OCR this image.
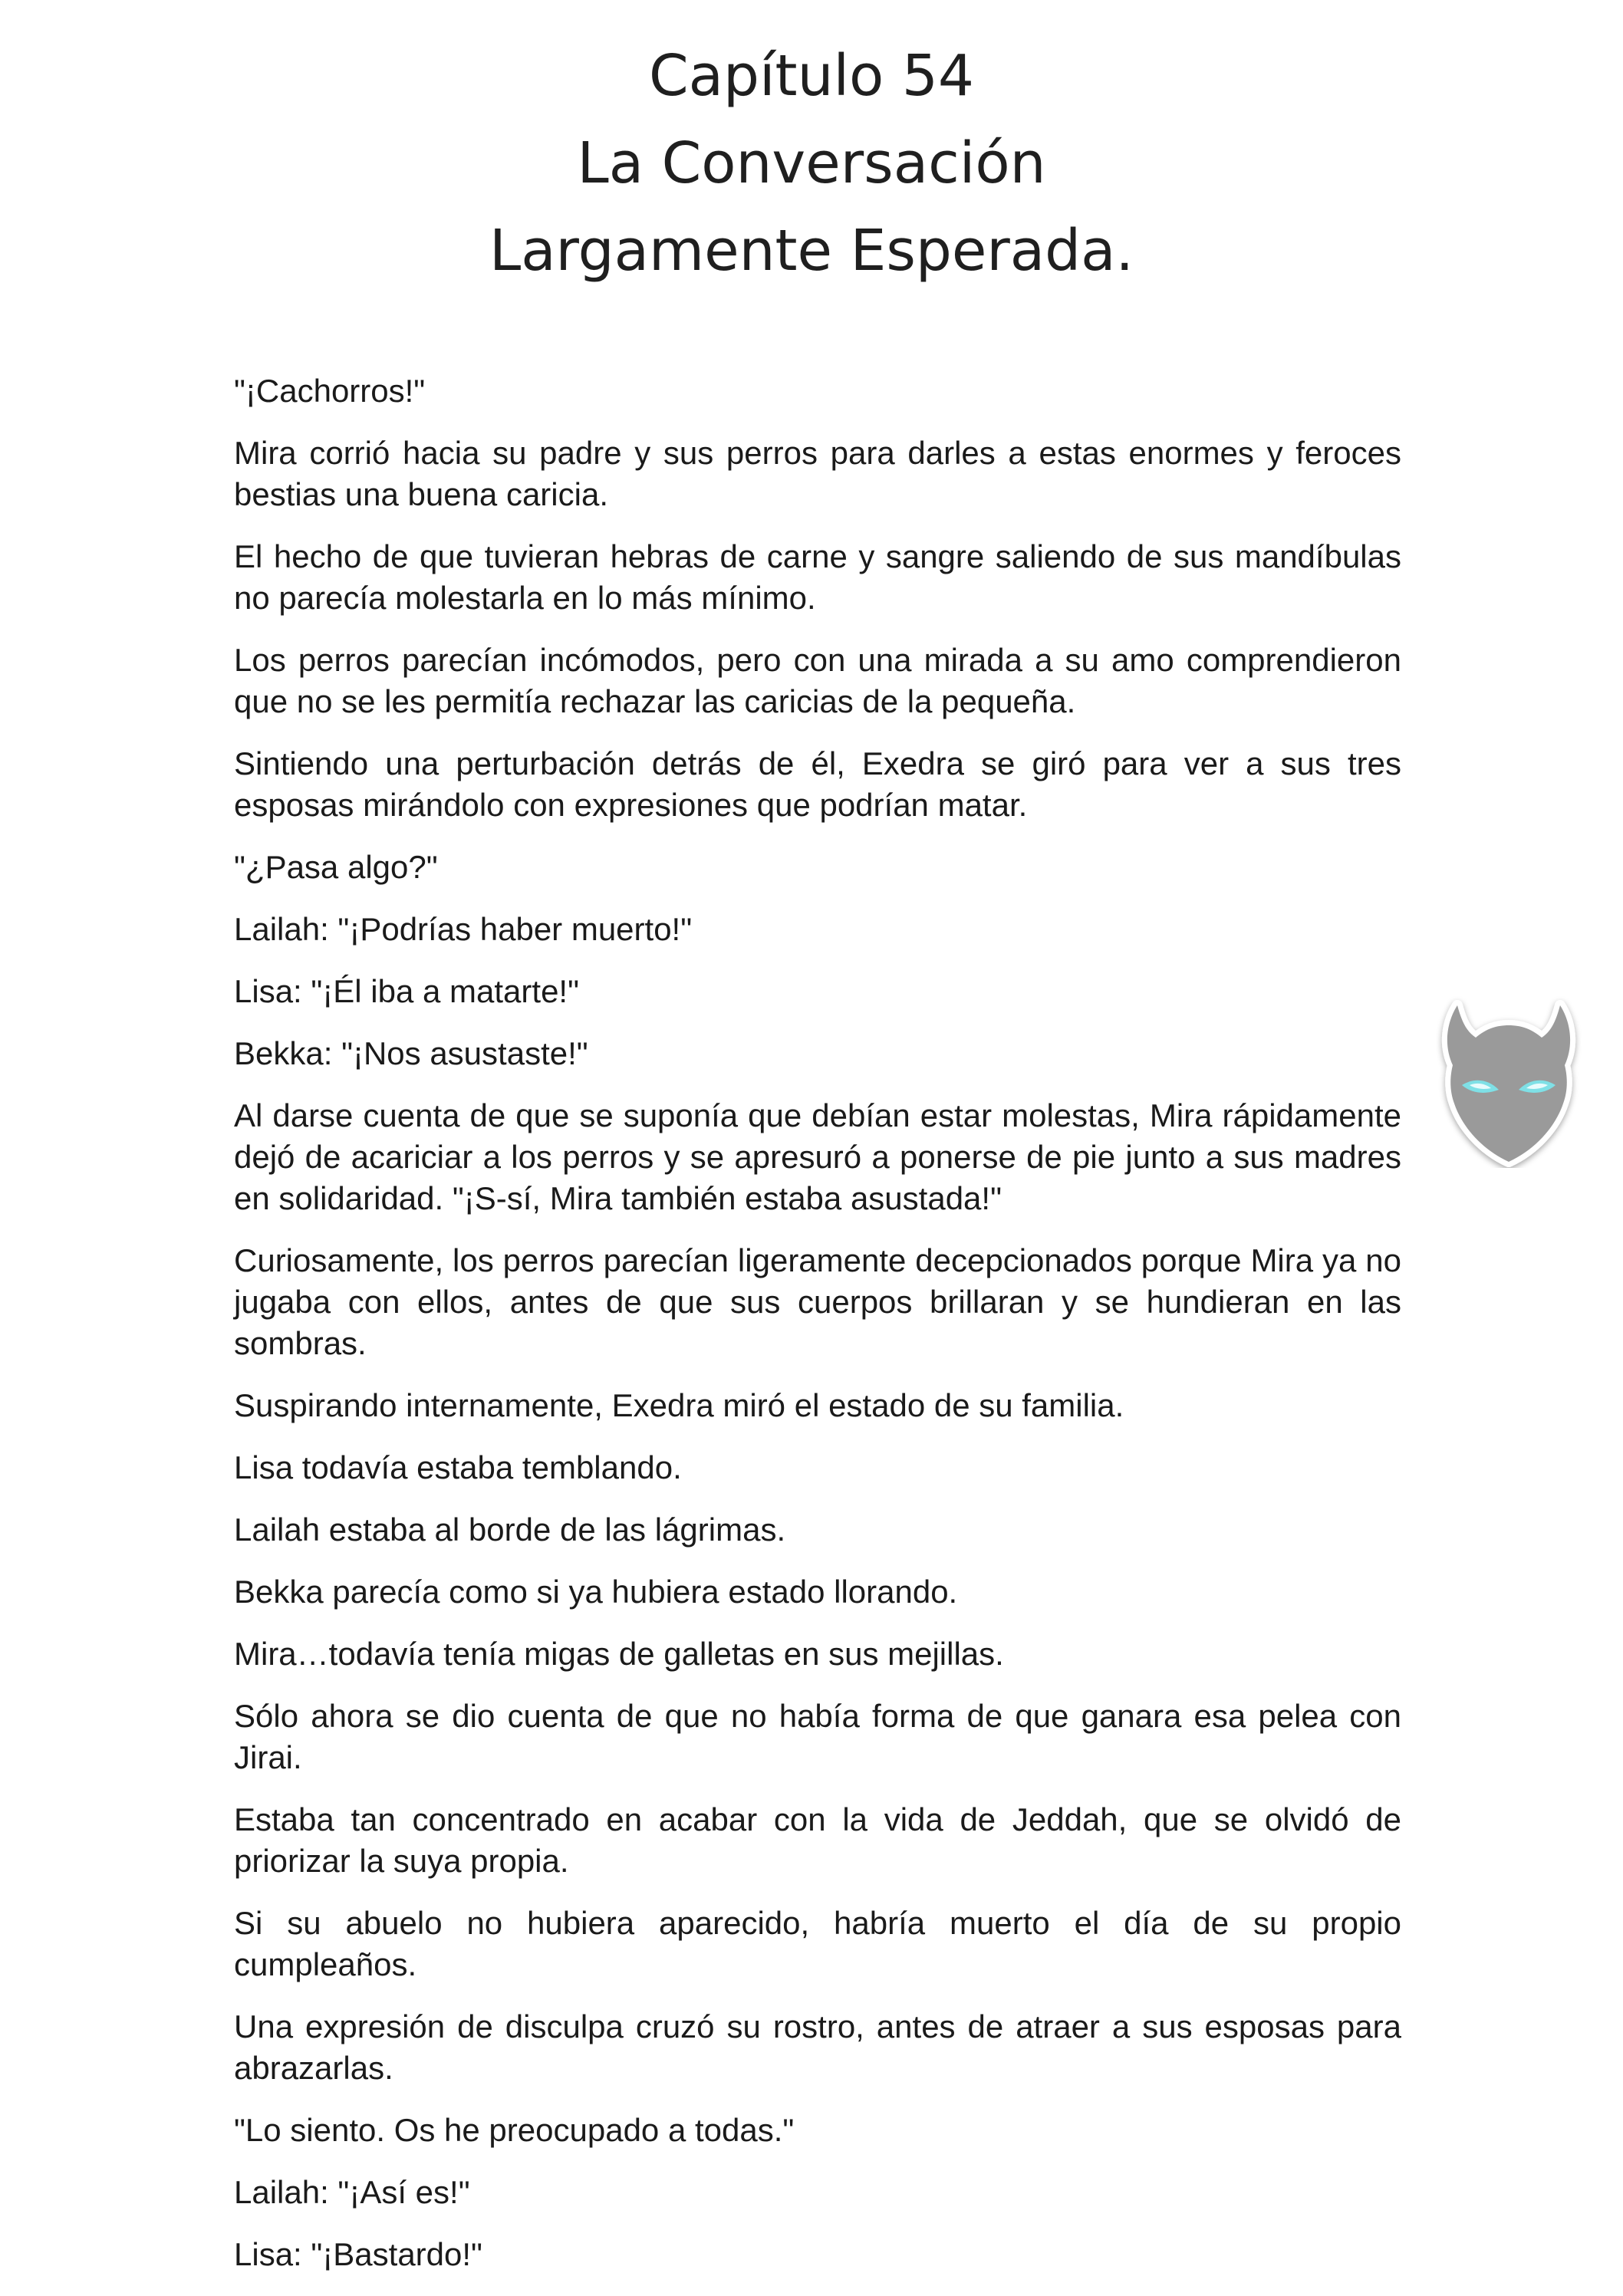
Capítulo 54
La Conversación
Largamente Esperada.

"¡Cachorros!"

Mira corrió hacia su padre y sus perros para darles a estas enormes y feroces bestias una buena caricia.

El hecho de que tuvieran hebras de carne y sangre saliendo de sus mandíbulas no parecía molestarla en lo más mínimo.

Los perros parecían incómodos, pero con una mirada a su amo comprendieron que no se les permitía rechazar las caricias de la pequeña.

Sintiendo una perturbación detrás de él, Exedra se giró para ver a sus tres esposas mirándolo con expresiones que podrían matar.

"¿Pasa algo?"

Lailah: "¡Podrías haber muerto!"

Lisa: "¡Él iba a matarte!"

Bekka: "¡Nos asustaste!"

Al darse cuenta de que se suponía que debían estar molestas, Mira rápidamente dejó de acariciar a los perros y se apresuró a ponerse de pie junto a sus madres en solidaridad. "¡S-sí, Mira también estaba asustada!"

Curiosamente, los perros parecían ligeramente decepcionados porque Mira ya no jugaba con ellos, antes de que sus cuerpos brillaran y se hundieran en las sombras.

Suspirando internamente, Exedra miró el estado de su familia.

Lisa todavía estaba temblando.

Lailah estaba al borde de las lágrimas.

Bekka parecía como si ya hubiera estado llorando.

Mira…todavía tenía migas de galletas en sus mejillas.

Sólo ahora se dio cuenta de que no había forma de que ganara esa pelea con Jirai.

Estaba tan concentrado en acabar con la vida de Jeddah, que se olvidó de priorizar la suya propia.

Si su abuelo no hubiera aparecido, habría muerto el día de su propio cumpleaños.

Una expresión de disculpa cruzó su rostro, antes de atraer a sus esposas para abrazarlas.

"Lo siento. Os he preocupado a todas."

Lailah: "¡Así es!"

Lisa: "¡Bastardo!"
